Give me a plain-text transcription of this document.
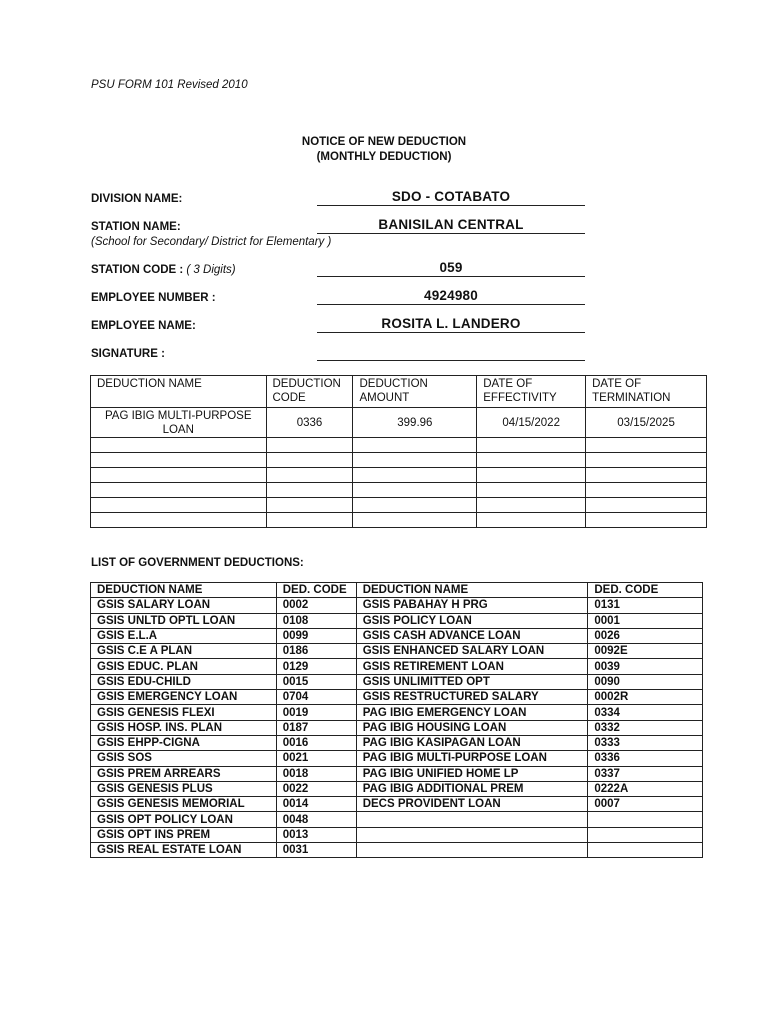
PSU FORM 101 Revised 2010
NOTICE OF NEW DEDUCTION
(MONTHLY DEDUCTION)
DIVISION NAME:	SDO - COTABATO
STATION NAME:	BANISILAN CENTRAL
(School for Secondary/ District for Elementary )
STATION CODE : ( 3 Digits)	059
EMPLOYEE NUMBER :	4924980
EMPLOYEE NAME:	ROSITA L. LANDERO
SIGNATURE :
DEDUCTION NAME	DEDUCTION CODE	DEDUCTION AMOUNT	DATE OF EFFECTIVITY	DATE OF TERMINATION
PAG IBIG MULTI-PURPOSE LOAN	0336	399.96	04/15/2022	03/15/2025

LIST OF GOVERNMENT DEDUCTIONS:
DEDUCTION NAME	DED. CODE	DEDUCTION NAME	DED. CODE
GSIS SALARY LOAN	0002	GSIS PABAHAY H PRG	0131
GSIS UNLTD OPTL LOAN	0108	GSIS POLICY LOAN	0001
GSIS E.L.A	0099	GSIS CASH ADVANCE LOAN	0026
GSIS C.E A PLAN	0186	GSIS ENHANCED SALARY LOAN	0092E
GSIS EDUC. PLAN	0129	GSIS RETIREMENT LOAN	0039
GSIS EDU-CHILD	0015	GSIS UNLIMITTED OPT	0090
GSIS EMERGENCY LOAN	0704	GSIS RESTRUCTURED SALARY	0002R
GSIS GENESIS FLEXI	0019	PAG IBIG EMERGENCY LOAN	0334
GSIS HOSP. INS. PLAN	0187	PAG IBIG HOUSING LOAN	0332
GSIS EHPP-CIGNA	0016	PAG IBIG KASIPAGAN LOAN	0333
GSIS SOS	0021	PAG IBIG MULTI-PURPOSE LOAN	0336
GSIS PREM ARREARS	0018	PAG IBIG UNIFIED HOME LP	0337
GSIS GENESIS PLUS	0022	PAG IBIG ADDITIONAL PREM	0222A
GSIS GENESIS MEMORIAL	0014	DECS PROVIDENT LOAN	0007
GSIS OPT POLICY LOAN	0048		
GSIS OPT INS PREM	0013		
GSIS REAL ESTATE LOAN	0031		
